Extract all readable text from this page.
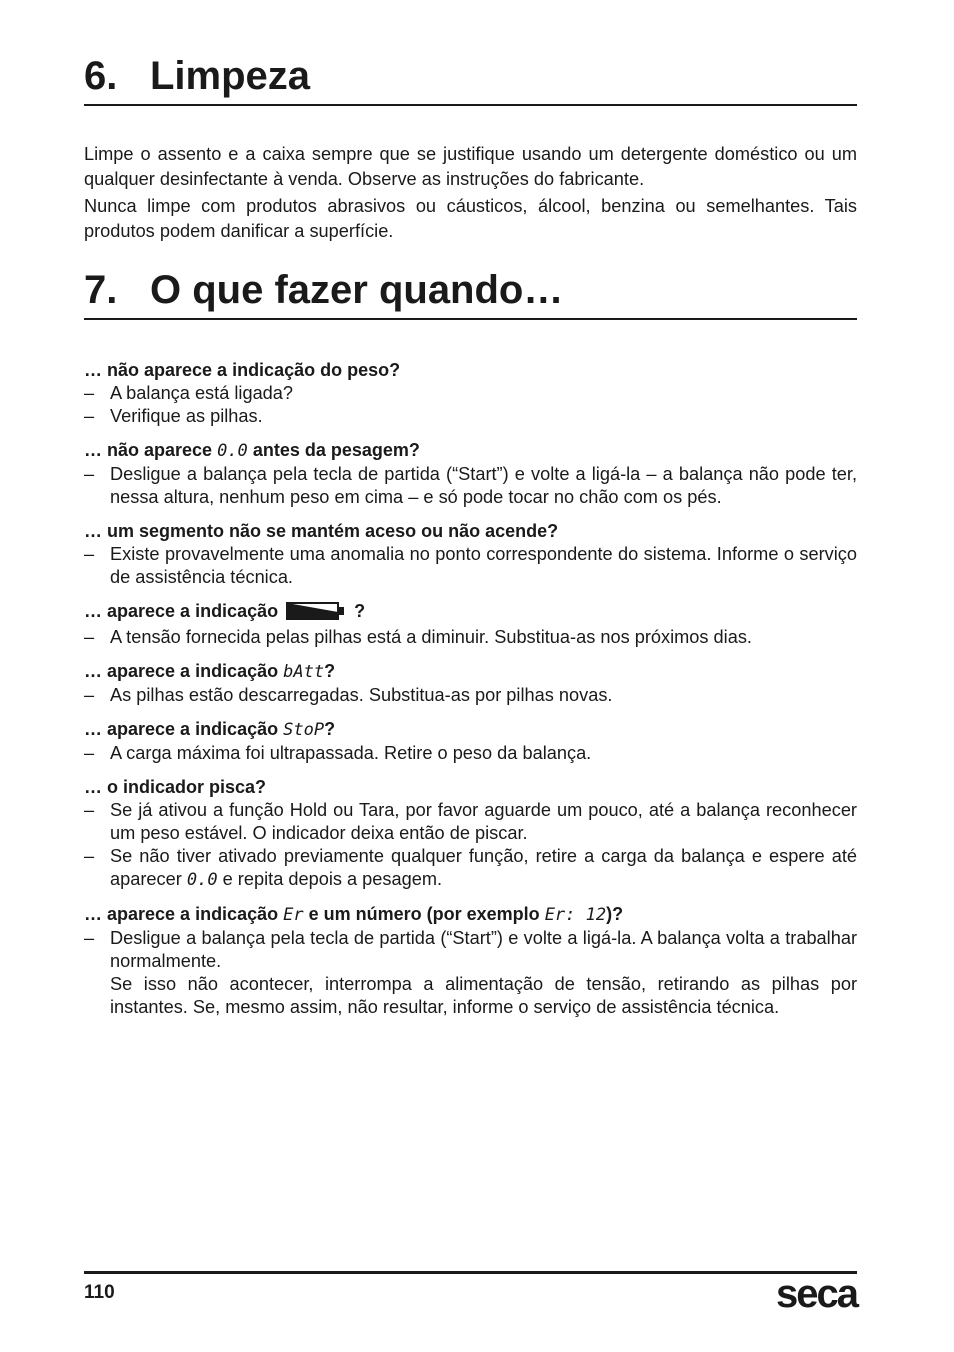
6. Limpeza

Limpe o assento e a caixa sempre que se justifique usando um detergente doméstico ou um qualquer desinfectante à venda. Observe as instruções do fabricante.

Nunca limpe com produtos abrasivos ou cáusticos, álcool, benzina ou semelhantes. Tais produtos podem danificar a superfície.

7. O que fazer quando…

… não aparece a indicação do peso?

– A balança está ligada?

– Verifique as pilhas.

… não aparece 0.0 antes da pesagem?

– Desligue a balança pela tecla de partida (“Start”) e volte a ligá-la – a balança não pode ter, nessa altura, nenhum peso em cima – e só pode tocar no chão com os pés.

… um segmento não se mantém aceso ou não acende?

– Existe provavelmente uma anomalia no ponto correspondente do sistema. Informe o serviço de assistência técnica.

… aparece a indicação	?

– A tensão fornecida pelas pilhas está a diminuir. Substitua-as nos próximos dias.

… aparece a indicação bAtt?

– As pilhas estão descarregadas. Substitua-as por pilhas novas.

… aparece a indicação StoP?

– A carga máxima foi ultrapassada. Retire o peso da balança.

… o indicador pisca?

– Se já ativou a função Hold ou Tara, por favor aguarde um pouco, até a balança reconhecer um peso estável. O indicador deixa então de piscar.

– Se não tiver ativado previamente qualquer função, retire a carga da balança e espere até aparecer 0.0 e repita depois a pesagem.

… aparece a indicação Er e um número (por exemplo Er: 12)?

– Desligue a balança pela tecla de partida (“Start”) e volte a ligá-la. A balança volta a trabalhar normalmente.

Se isso não acontecer, interrompa a alimentação de tensão, retirando as pilhas por instantes. Se, mesmo assim, não resultar, informe o serviço de assistência técnica.

110	seca
